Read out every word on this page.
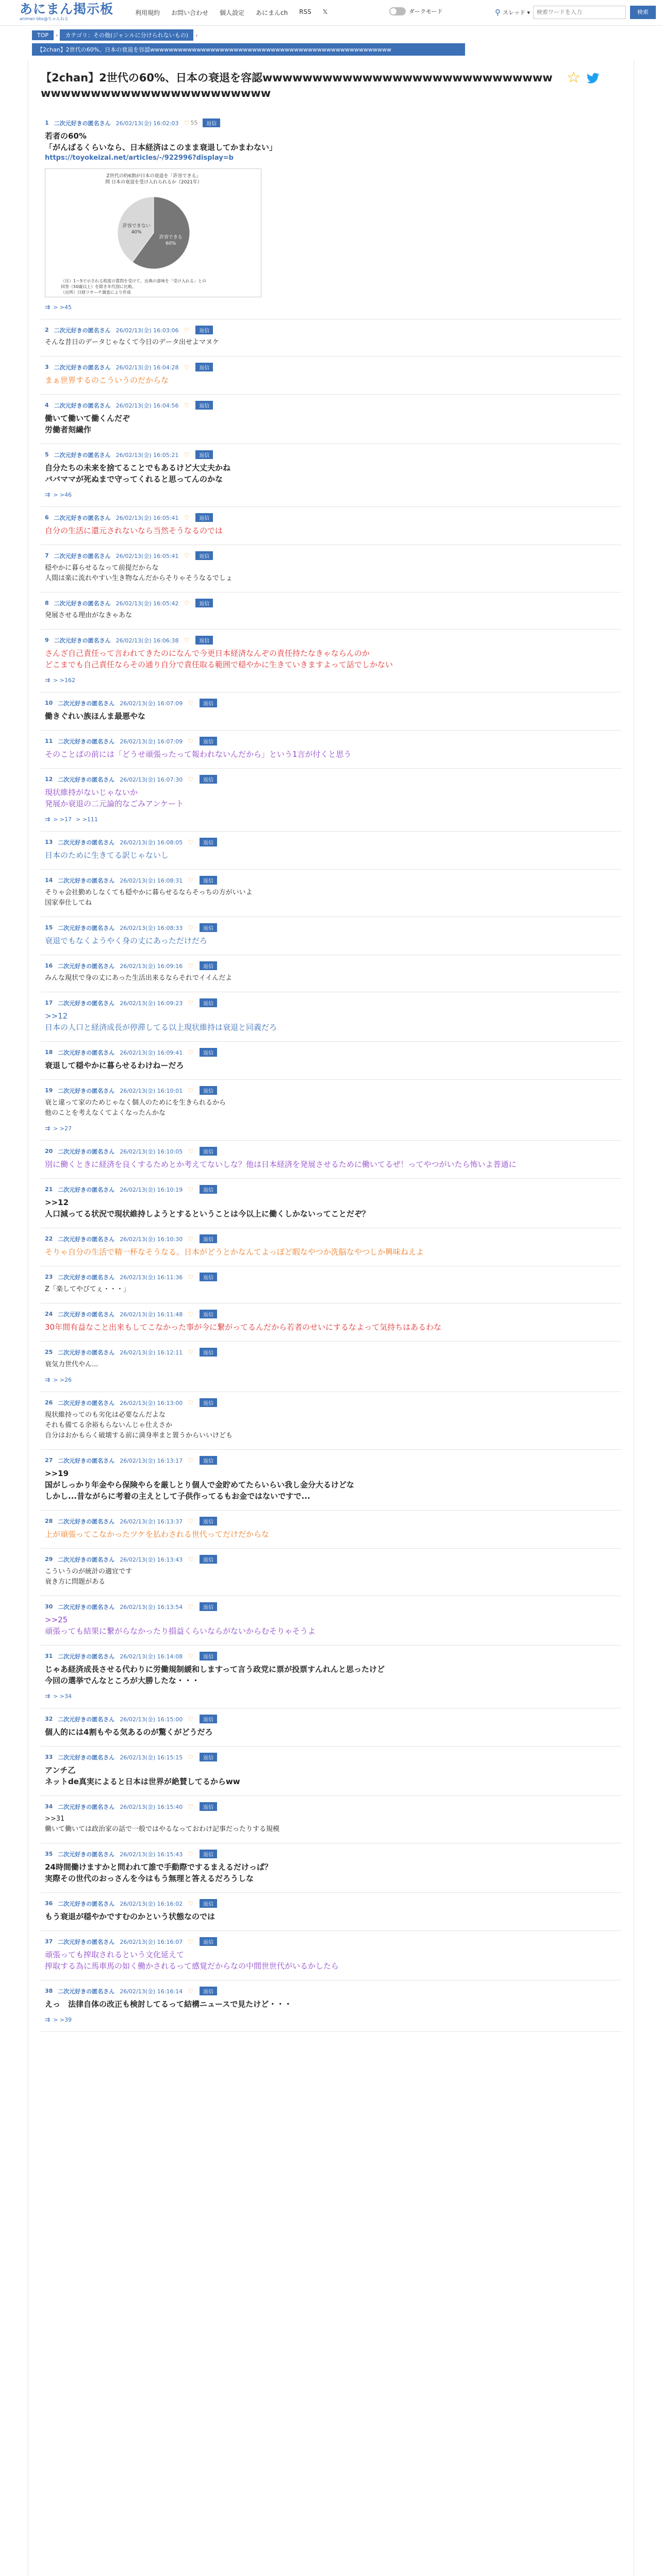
あにまん掲示板
animan bbs@ちゃんねる
利用規約 お問い合わせ 個人設定 あにまんch RSS 𝕏	ダークモード	⚲ スレッド ▾
検索ワードを入力	検索
TOP	›	カテゴリ：その他(ジャンルに分けられないもの)	›
【2chan】2世代の60%、日本の衰退を容認wwwwwwwwwwwwwwwwwwwwwwwwwwwwwwwwwwwwwwwwwwwwwwwwwwww
【2chan】2世代の60%、日本の衰退を容認wwwwwwwwwwwwwwwwwwwwwwwwwwwwwwwwwwwwwwwwwwwwwwwwwwww
☆
1 二次元好きの匿名さん 26/02/13(金) 16:02:03 ♡ 55	返信
若者の60%
「がんばるくらいなら、日本経済はこのまま衰退してかまわない」
https://toyokeizai.net/articles/-/922996?display=b
Z世代の約6割が日本の衰退を「許容できる」
問 日本の衰退を受け入れられるか（2021年）
許容できる
60%
許容できない
40%
（注）1～5で示される程度の質問を受けて、出典の意味を「受け入れる」との
回答（50歳以上）を除き年代別に比較。
（出所）日経リサーチ調査により作成
⇉ > >45
2 二次元好きの匿名さん 26/02/13(金) 16:03:06 ♡	返信
そんな昔日のデータじゃなくて今日のデータ出せよマヌケ
3 二次元好きの匿名さん 26/02/13(金) 16:04:28 ♡	返信
まぁ世界するのこういうのだからな
4 二次元好きの匿名さん 26/02/13(金) 16:04:56 ♡	返信
働いて働いて働くんだぞ
労働者刻繊作
5 二次元好きの匿名さん 26/02/13(金) 16:05:21 ♡	返信
自分たちの未来を捨てることでもあるけど大丈夫かね
ババママが死ぬまで守ってくれると思ってんのかな
⇉ > >46
6 二次元好きの匿名さん 26/02/13(金) 16:05:41 ♡	返信
自分の生活に還元されないなら当然そうなるのでは
7 二次元好きの匿名さん 26/02/13(金) 16:05:41 ♡	返信
穏やかに暮らせるなって前提だからな
人間は楽に流れやすい生き物なんだからそりゃそうなるでしょ
8 二次元好きの匿名さん 26/02/13(金) 16:05:42 ♡	返信
発展させる理由がなきゃあな
9 二次元好きの匿名さん 26/02/13(金) 16:06:38 ♡	返信
さんざ自己責任って言われてきたのになんで今更日本経済なんぞの責任持たなきゃならんのか
どこまでも自己責任ならその通り自分で責任取る範囲で穏やかに生きていきますよって話でしかない
⇉ > >162
10 二次元好きの匿名さん 26/02/13(金) 16:07:09 ♡	返信
働きぐれい族ほんま最悪やな
11 二次元好きの匿名さん 26/02/13(金) 16:07:09 ♡	返信
そのことばの前には「どうせ頑張ったって報われないんだから」という1言が付くと思う
12 二次元好きの匿名さん 26/02/13(金) 16:07:30 ♡	返信
現状維持がないじゃないか
発展か衰退の二元論的なごみアンケート
⇉ > >17 > >111
13 二次元好きの匿名さん 26/02/13(金) 16:08:05 ♡	返信
日本のために生きてる訳じゃないし
14 二次元好きの匿名さん 26/02/13(金) 16:08:31 ♡	返信
そりゃ会社勤めしなくても穏やかに暮らせるならそっちの方がいいよ
国家奉仕してね
15 二次元好きの匿名さん 26/02/13(金) 16:08:33 ♡	返信
衰退でもなくようやく身の丈にあっただけだろ
16 二次元好きの匿名さん 26/02/13(金) 16:09:16 ♡	返信
みんな現状で身の丈にあった生活出来るならそれでイイんだよ
17 二次元好きの匿名さん 26/02/13(金) 16:09:23 ♡	返信
>>12
日本の人口と経済成長が停滞してる以上現状維持は衰退と同義だろ
18 二次元好きの匿名さん 26/02/13(金) 16:09:41 ♡	返信
衰退して穏やかに暮らせるわけねーだろ
19 二次元好きの匿名さん 26/02/13(金) 16:10:01 ♡	返信
衰と違って家のためじゃなく個人のためにを生きられるから
他のことを考えなくてよくなったんかな
⇉ > >27
20 二次元好きの匿名さん 26/02/13(金) 16:10:05 ♡	返信
別に働くときに経済を良くするためとか考えてないしな？他は日本経済を発展させるために働いてるぜ！ってやつがいたら怖いよ普通に
21 二次元好きの匿名さん 26/02/13(金) 16:10:19 ♡	返信
>>12
人口減ってる状況で現状維持しようとするということは今以上に働くしかないってことだぞ？
22 二次元好きの匿名さん 26/02/13(金) 16:10:30 ♡	返信
そりゃ自分の生活で精一杯なそうなる。日本がどうとかなんてよっぽど暇なやつか洗脳なやつしか興味ねえよ
23 二次元好きの匿名さん 26/02/13(金) 16:11:36 ♡	返信
Z「楽してやびてぇ・・・」
24 二次元好きの匿名さん 26/02/13(金) 16:11:48 ♡	返信
30年間有益なこと出来もしてこなかった事が今に繋がってるんだから若者のせいにするなよって気持ちはあるわな
25 二次元好きの匿名さん 26/02/13(金) 16:12:11 ♡	返信
衰気力世代やん...
⇉ > >26
26 二次元好きの匿名さん 26/02/13(金) 16:13:00 ♡	返信
現状維持ってのも劣化は必要なんだよな
それも備てる余裕もらないんじゃ仕えさか
自分はおかもらく破壊する前に満身率まと置うからいいけども
27 二次元好きの匿名さん 26/02/13(金) 16:13:17 ♡	返信
>>19
国がしっかり年金やら保険やらを厳しとり個人で金貯めてたらいらい我し金分大るけどな
しかし...昔ながらに考着の主えとして子供作ってるもお金ではないですで...
28 二次元好きの匿名さん 26/02/13(金) 16:13:37 ♡	返信
上が頑張ってこなかったツケを払わされる世代ってだけだからな
29 二次元好きの匿名さん 26/02/13(金) 16:13:43 ♡	返信
こういうのが統計の適宜です
衰き方に問題がある
30 二次元好きの匿名さん 26/02/13(金) 16:13:54 ♡	返信
>>25
頑張っても結果に繋がらなかったり損益くらいならがないからむそりゃそうよ
31 二次元好きの匿名さん 26/02/13(金) 16:14:08 ♡	返信
じゃあ経済成長させる代わりに労働規制緩和しますって言う政党に票が投票すんれんと思ったけど
今回の選挙でんなところが大勝したな・・・
⇉ > >34
32 二次元好きの匿名さん 26/02/13(金) 16:15:00 ♡	返信
個人的には4割もやる気あるのが驚くがどうだろ
33 二次元好きの匿名さん 26/02/13(金) 16:15:15 ♡	返信
アンチ乙
ネットde真実によると日本は世界が絶賛してるからww
34 二次元好きの匿名さん 26/02/13(金) 16:15:40 ♡	返信
>>31
働いて働いては政治家の話で一般ではやるなっておわけ記事だったりする規模
35 二次元好きの匿名さん 26/02/13(金) 16:15:43 ♡	返信
24時間働けますかと問われて誰で手動際でするまえるだけっぱ？
実際その世代のおっさんを今はもう無理と答えるだろうしな
36 二次元好きの匿名さん 26/02/13(金) 16:16:02 ♡	返信
もう衰退が穏やかですむのかという状態なのでは
37 二次元好きの匿名さん 26/02/13(金) 16:16:07 ♡	返信
頑張っても搾取されるという文化延えて
搾取する為に馬車馬の如く働かされるって感覚だからなの中間世世代がいるかしたら
38 二次元好きの匿名さん 26/02/13(金) 16:16:14 ♡	返信
えっ　法律自体の改正も検討してるって結構ニュースで見たけど・・・
⇉ > >39
